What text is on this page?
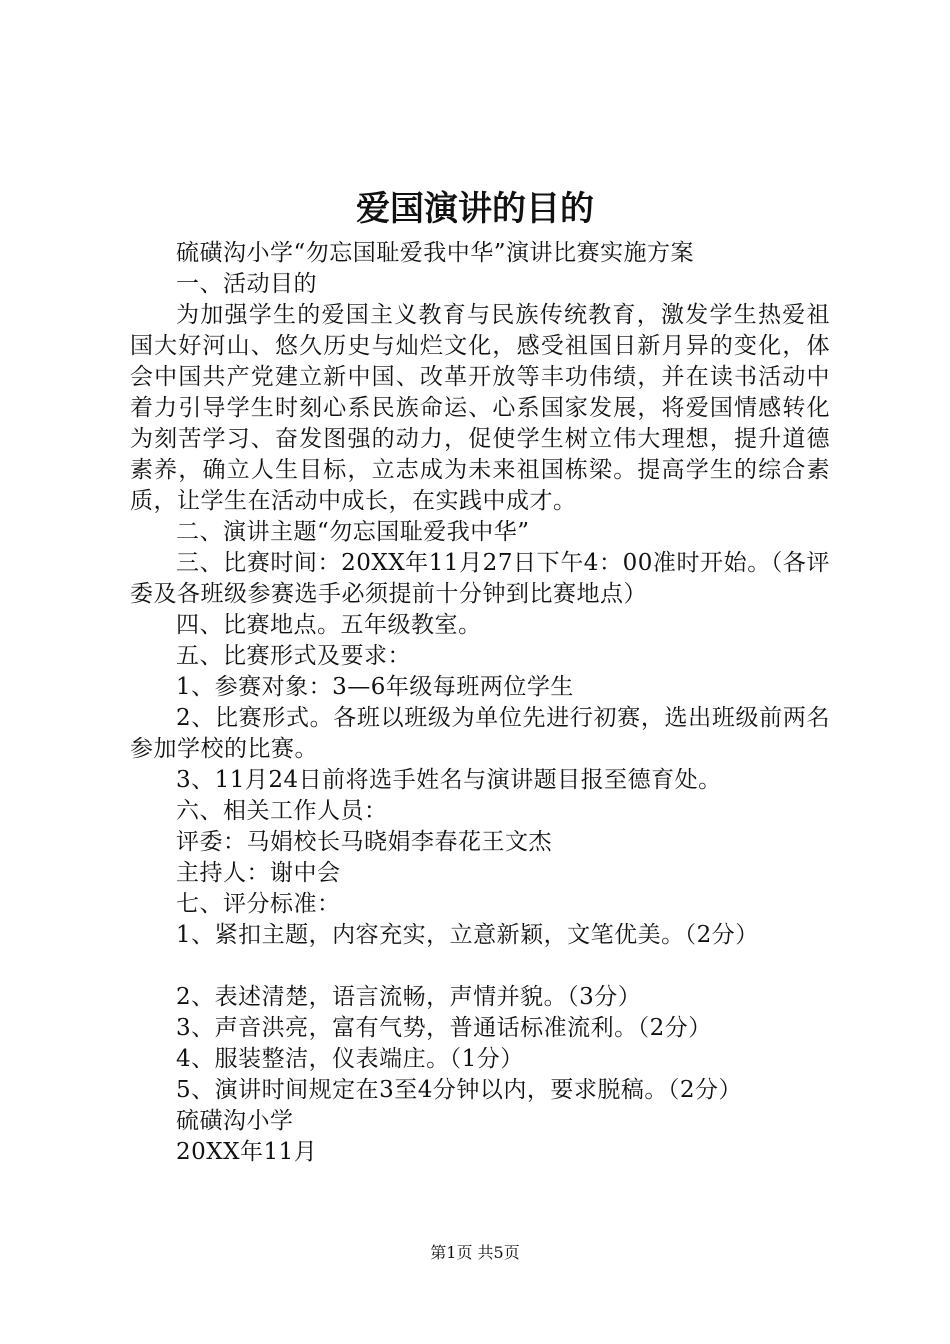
爱国演讲的目的

硫磺沟小学“勿忘国耻爱我中华”演讲比赛实施方案

一、活动目的

为加强学生的爱国主义教育与民族传统教育，激发学生热爱祖国大好河山、悠久历史与灿烂文化，感受祖国日新月异的变化，体会中国共产党建立新中国、改革开放等丰功伟绩，并在读书活动中着力引导学生时刻心系民族命运、心系国家发展，将爱国情感转化为刻苦学习、奋发图强的动力，促使学生树立伟大理想，提升道德素养，确立人生目标，立志成为未来祖国栋梁。提高学生的综合素质，让学生在活动中成长，在实践中成才。

二、演讲主题“勿忘国耻爱我中华”

三、比赛时间：20XX年11月27日下午4：00准时开始。（各评委及各班级参赛选手必须提前十分钟到比赛地点）

四、比赛地点。五年级教室。

五、比赛形式及要求：

1、参赛对象：3—6年级每班两位学生

2、比赛形式。各班以班级为单位先进行初赛，选出班级前两名参加学校的比赛。

3、11月24日前将选手姓名与演讲题目报至德育处。

六、相关工作人员：

评委：马娟校长马晓娟李春花王文杰

主持人：谢中会

七、评分标准：

1、紧扣主题，内容充实，立意新颖，文笔优美。（2分）

2、表述清楚，语言流畅，声情并貌。（3分）

3、声音洪亮，富有气势，普通话标准流利。（2分）

4、服装整洁，仪表端庄。（1分）

5、演讲时间规定在3至4分钟以内，要求脱稿。（2分）

硫磺沟小学

20XX年11月

第1页 共5页
